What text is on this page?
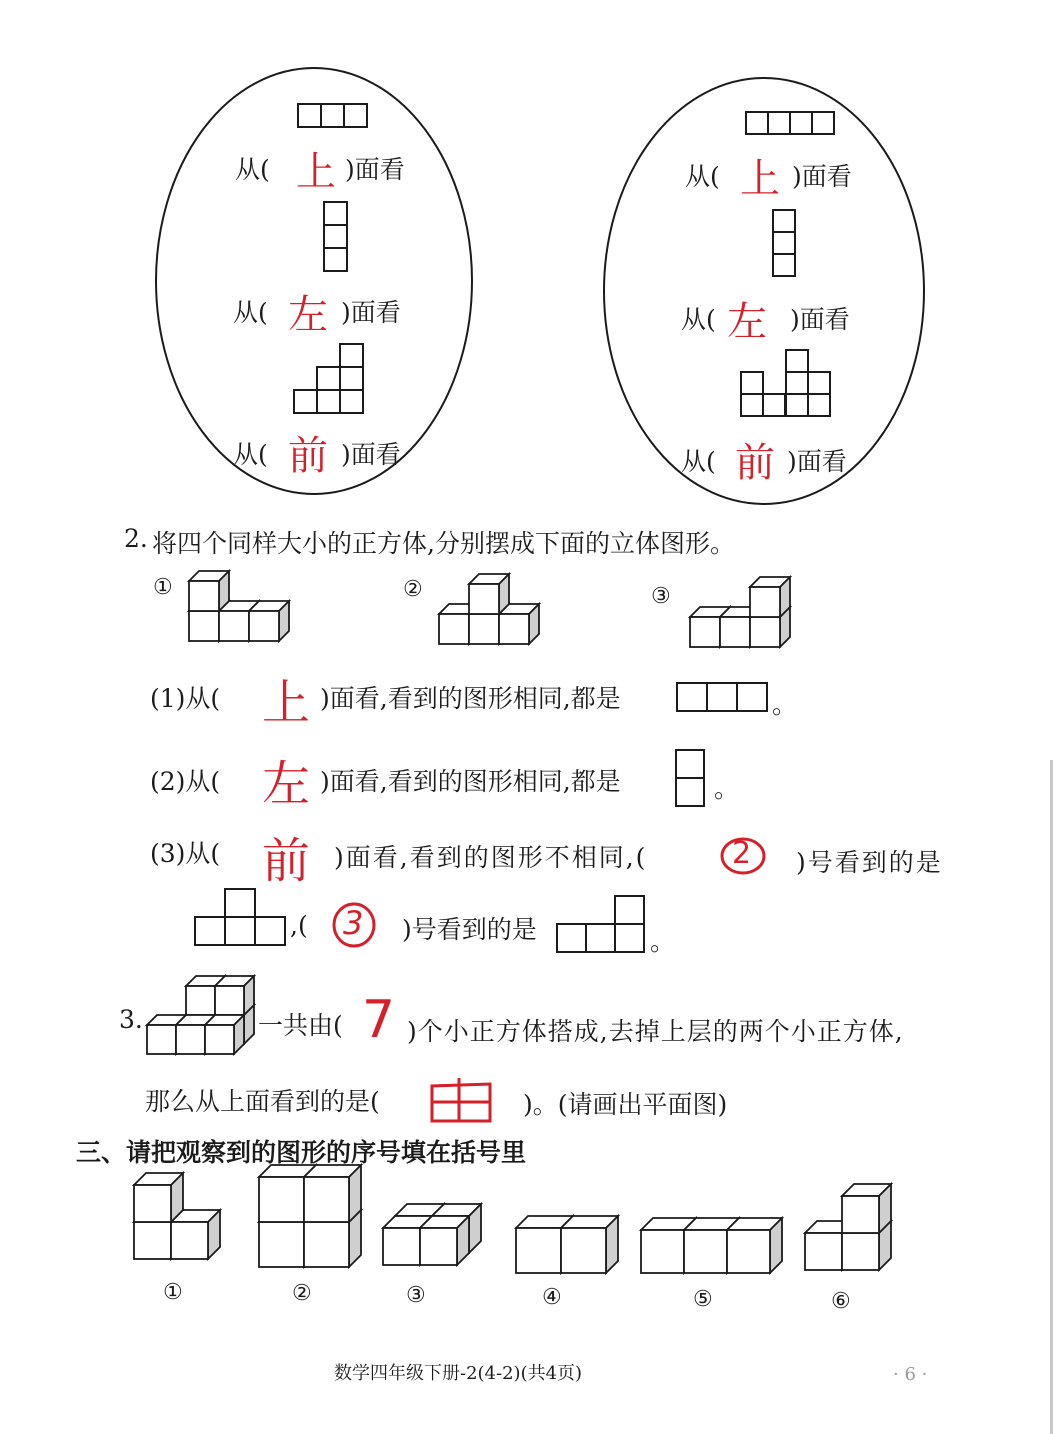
从( 上 )面看
从( 左 )面看
从( 前 )面看
从( 上 )面看
从( 左 )面看
从( 前 )面看
2. 将四个同样大小的正方体,分别摆成下面的立体图形。
①	②	③
(1)从( 上 )面看,看到的图形相同,都是	。
(2)从( 左 )面看,看到的图形相同,都是	。
(3)从( 前 )面看,看到的图形不相同,(	2 )号看到的是
,( 3 )号看到的是	。
3.	一共由( 7 )个小正方体搭成,去掉上层的两个小正方体,
那么从上面看到的是(	)。(请画出平面图)
三、请把观察到的图形的序号填在括号里
①	②	③	④	⑤	⑥
数学四年级下册-2(4-2)(共4页)	· 6 ·
